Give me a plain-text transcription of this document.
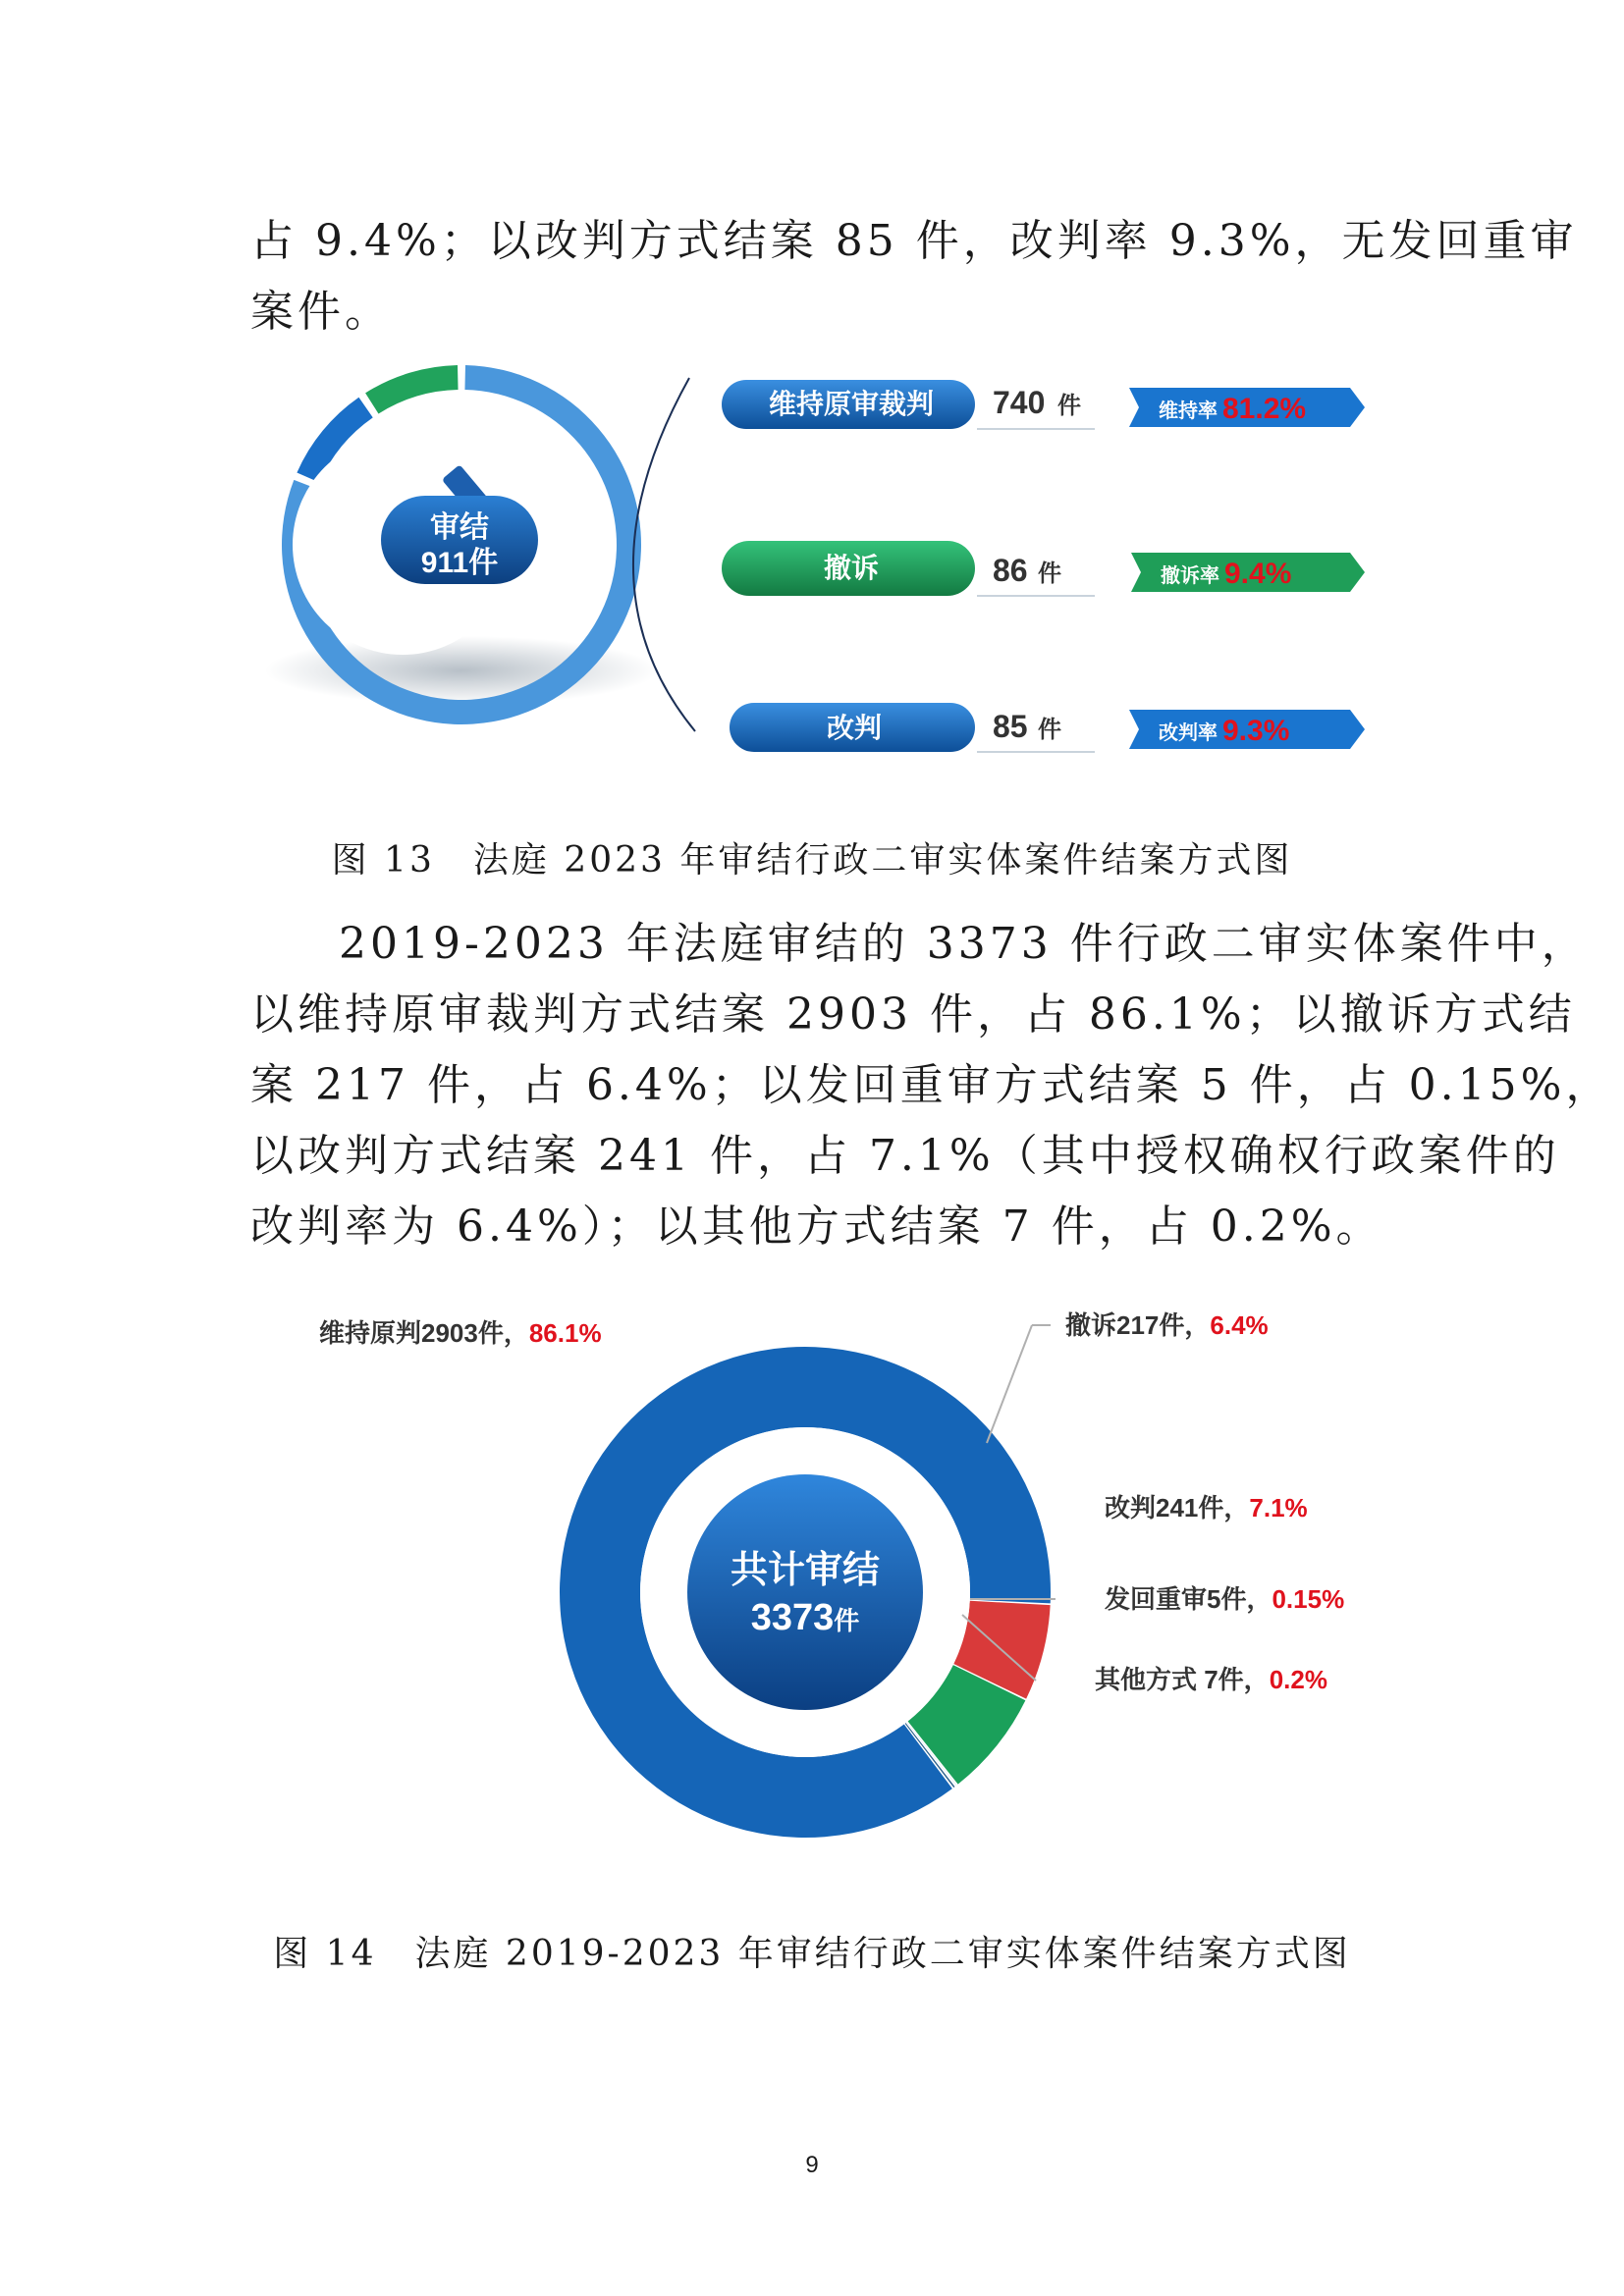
占 9.4%；以改判方式结案 85 件，改判率 9.3%，无发回重审
案件。
审结
911件
维持原审裁判 740 件	维持率 81.2%
撤诉	86 件	撤诉率 9.4%
改判	85 件	改判率 9.3%
图 13　法庭 2023 年审结行政二审实体案件结案方式图
2019-2023 年法庭审结的 3373 件行政二审实体案件中，
以维持原审裁判方式结案 2903 件，占 86.1%；以撤诉方式结
案 217 件，占 6.4%；以发回重审方式结案 5 件，占 0.15%，
以改判方式结案 241 件，占 7.1%（其中授权确权行政案件的
改判率为 6.4%）；以其他方式结案 7 件，占 0.2%。
共计审结
3373件
维持原判2903件，86.1%	撤诉217件，6.4%
改判241件，7.1%
发回重审5件，0.15%
其他方式 7件，0.2%
图 14　法庭 2019-2023 年审结行政二审实体案件结案方式图
9
